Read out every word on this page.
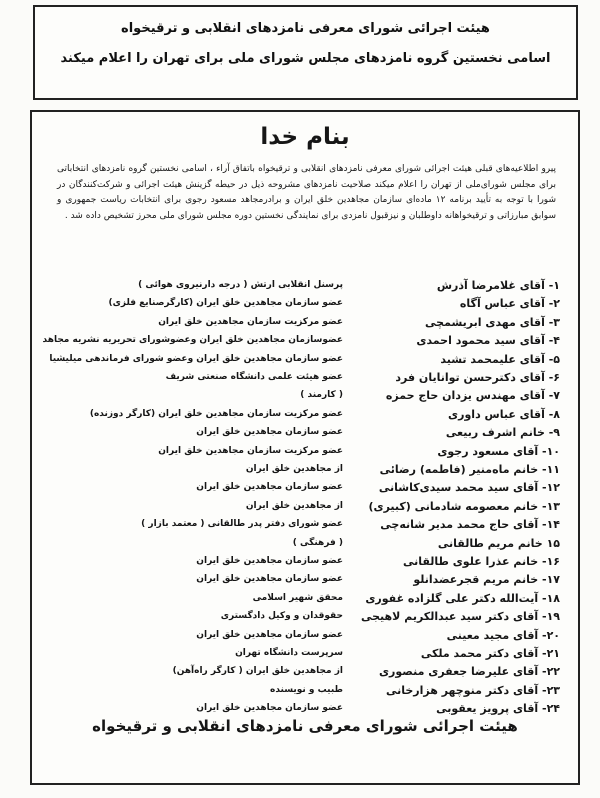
هیئت اجرائی شورای معرفی نامزدهای انقلابی و ترقیخواه
اسامی نخستین گروه نامزدهای مجلس شورای ملی برای تهران را اعلام میکند
بنام خدا
پیرو اطلاعیه‌های قبلی هیئت اجرائی شورای معرفی نامزدهای انقلابی و ترقیخواه باتفاق آراء ، اسامی نخستین گروه نامزدهای انتخاباتی برای مجلس شورای‌ملی از تهران را اعلام میکند صلاحیت نامزدهای مشروحه ذیل در حیطه گزینش هیئت اجرائی و شرکت‌کنندگان در شورا با توجه به تأیید برنامه ۱۲ ماده‌ای سازمان مجاهدین خلق ایران و برادرمجاهد مسعود رجوی برای انتخابات ریاست جمهوری و سوابق مبارزاتی و ترقیخواهانه داوطلبان و نیزقبول نامزدی برای نمایندگی نخستین دوره مجلس شورای ملی محرز تشخیص داده شد .
۱- آقای غلامرضا آذرش
پرسنل انقلابی ارتش ( درجه دارنیروی هوائی )
۲- آقای عباس آگاه
عضو سازمان مجاهدین خلق ایران (کارگرصنایع فلزی)
۳- آقای مهدی ابریشمچی
عضو مرکزیت سازمان مجاهدین خلق ایران
۴- آقای سید محمود احمدی
عضوسازمان مجاهدین خلق ایران وعضوشورای تحریریه نشریه مجاهد
۵- آقای علیمحمد تشید
عضو سازمان مجاهدین خلق ایران وعضو شورای فرماندهی میلیشیا
۶- آقای دکترحسن توانایان فرد
عضو هیئت علمی دانشگاه صنعتی شریف
۷- آقای مهندس یزدان حاج حمزه
( کارمند )
۸- آقای عباس داوری
عضو مرکزیت سازمان مجاهدین خلق ایران (کارگر دوزنده)
۹- خانم اشرف ربیعی
عضو سازمان مجاهدین خلق ایران
۱۰- آقای مسعود رجوی
عضو مرکزیت سازمان مجاهدین خلق ایران
۱۱- خانم ماه‌منیر (فاطمه) رضائی
از مجاهدین خلق ایران
۱۲- آقای سید محمد سیدی‌کاشانی
عضو سازمان مجاهدین خلق ایران
۱۳- خانم معصومه شادمانی (کبیری)
از مجاهدین خلق ایران
۱۴- آقای حاج محمد مدیر شانه‌چی
عضو شورای دفتر پدر طالقانی ( معتمد بازار )
۱۵ خانم مریم طالقانی
( فرهنگی )
۱۶- خانم عذرا علوی طالقانی
عضو سازمان مجاهدین خلق ایران
۱۷- خانم مریم قجرعضدانلو
عضو سازمان مجاهدین خلق ایران
۱۸- آیت‌الله دکتر علی گلزاده غفوری
محقق شهیر اسلامی
۱۹- آقای دکتر سید عبدالکریم لاهیجی
حقوقدان و وکیل دادگستری
۲۰- آقای مجید معینی
عضو سازمان مجاهدین خلق ایران
۲۱- آقای دکتر محمد ملکی
سرپرست دانشگاه تهران
۲۲- آقای علیرضا جعفری منصوری
از مجاهدین خلق ایران ( کارگر راه‌آهن)
۲۳- آقای دکتر منوچهر هزارخانی
طبیب و نویسنده
۲۴- آقای پرویز یعقوبی
عضو سازمان مجاهدین خلق ایران
هیئت اجرائی شورای معرفی نامزدهای انقلابی و ترقیخواه
